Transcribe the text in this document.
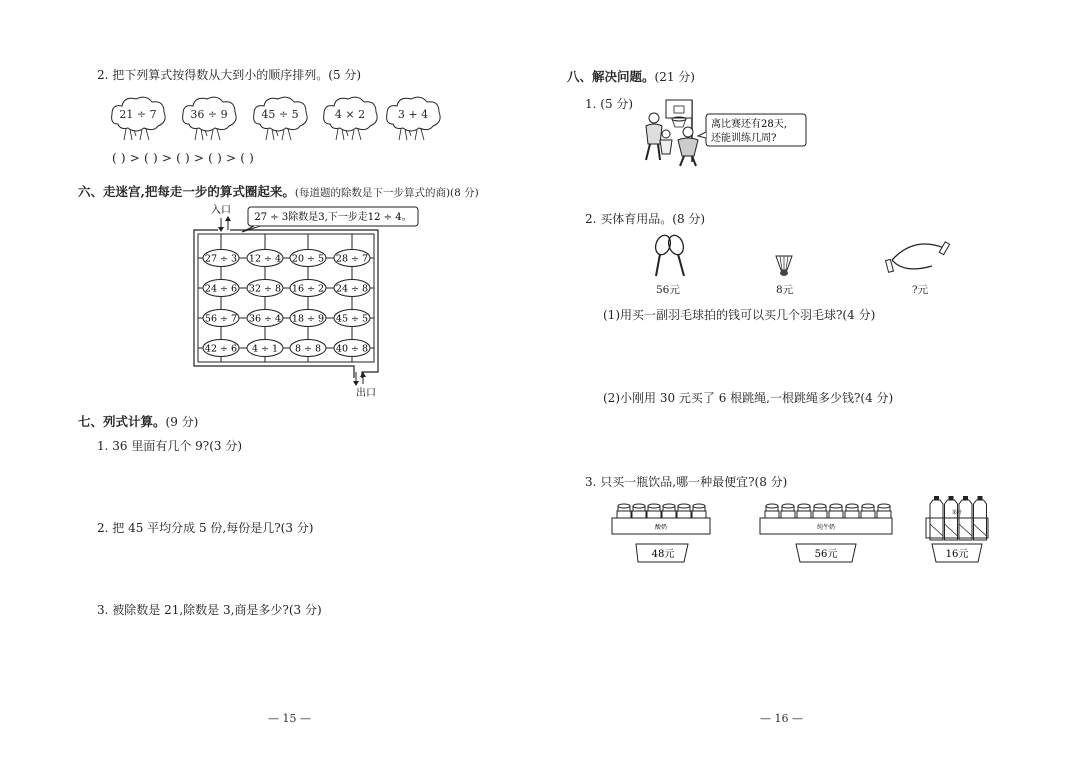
2. 把下列算式按得数从大到小的顺序排列。(5 分)
21 ÷ 7	36 ÷ 9	45 ÷ 5	4 × 2	3 + 4
( ) > ( ) > ( ) > ( ) > ( )
六、走迷宫,把每走一步的算式圈起来。(每道题的除数是下一步算式的商)(8 分)
27 ÷ 3 12 ÷ 4 20 ÷ 5 28 ÷ 7
24 ÷ 6 32 ÷ 8 16 ÷ 2 24 ÷ 8
56 ÷ 7 36 ÷ 4 18 ÷ 9 45 ÷ 5
42 ÷ 6 4 ÷ 1 8 ÷ 8 40 ÷ 8
入口
出口
27 ÷ 3除数是3,下一步走12 ÷ 4。
七、列式计算。(9 分)
1. 36 里面有几个 9?(3 分)
2. 把 45 平均分成 5 份,每份是几?(3 分)
3. 被除数是 21,除数是 3,商是多少?(3 分)
— 15 —
八、解决问题。(21 分)
1. (5 分)
离比赛还有28天,
还能训练几周?
2. 买体育用品。(8 分)
56元	8元	?元
(1)用买一副羽毛球拍的钱可以买几个羽毛球?(4 分)
(2)小刚用 30 元买了 6 根跳绳,一根跳绳多少钱?(4 分)
3. 只买一瓶饮品,哪一种最便宜?(8 分)
酸奶
48元
纯牛奶
56元
果汁
16元
— 16 —
